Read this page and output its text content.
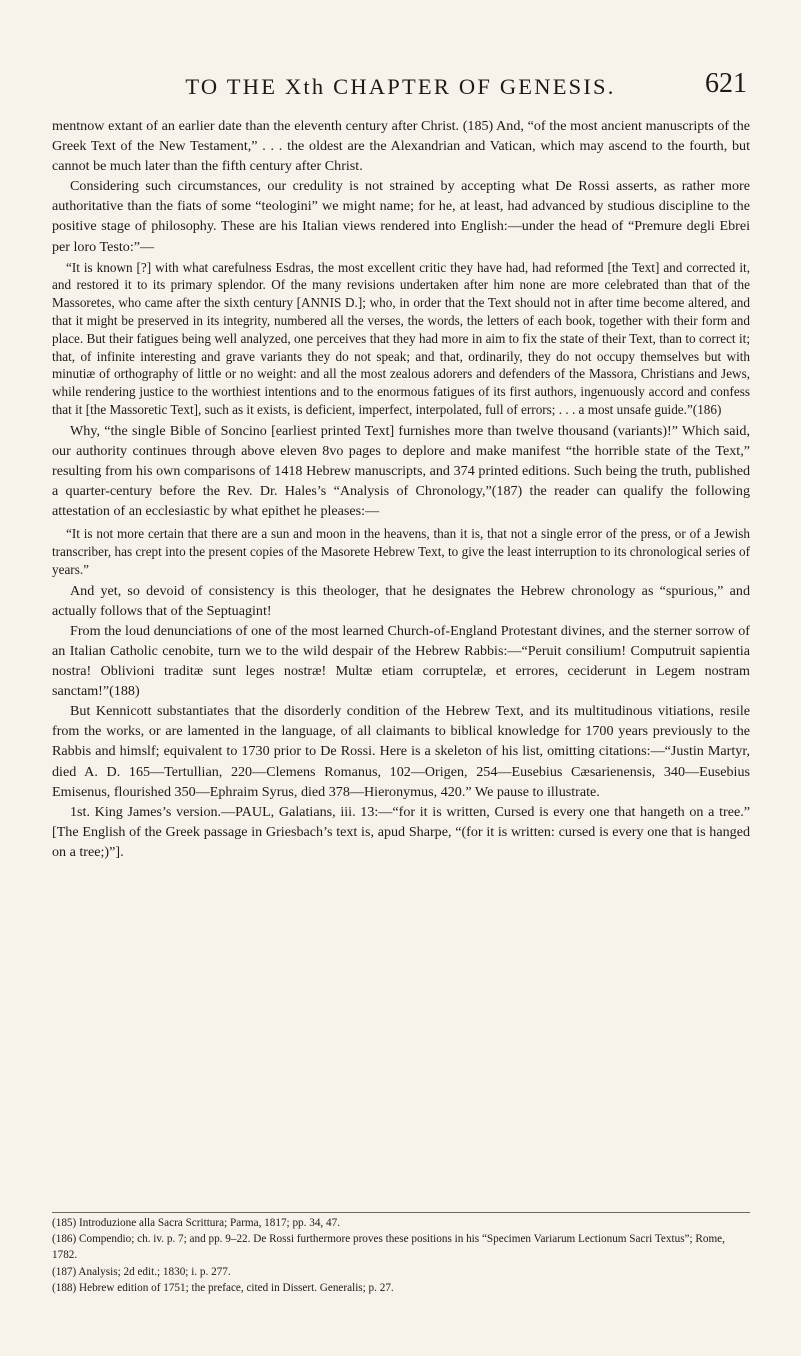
TO THE Xth CHAPTER OF GENESIS.	621

mentnow extant of an earlier date than the eleventh century after Christ. (185) And, “of the most ancient manuscripts of the Greek Text of the New Testament,” . . . the oldest are the Alexandrian and Vatican, which may ascend to the fourth, but cannot be much later than the fifth century after Christ.

Considering such circumstances, our credulity is not strained by accepting what De Rossi asserts, as rather more authoritative than the fiats of some “teologini” we might name; for he, at least, had advanced by studious discipline to the positive stage of philosophy. These are his Italian views rendered into English:—under the head of “Premure degli Ebrei per loro Testo:”—

“It is known [?] with what carefulness Esdras, the most excellent critic they have had, had reformed [the Text] and corrected it, and restored it to its primary splendor. Of the many revisions undertaken after him none are more celebrated than that of the Massoretes, who came after the sixth century [ANNIS D.]; who, in order that the Text should not in after time become altered, and that it might be preserved in its integrity, numbered all the verses, the words, the letters of each book, together with their form and place. But their fatigues being well analyzed, one perceives that they had more in aim to fix the state of their Text, than to correct it; that, of infinite interesting and grave variants they do not speak; and that, ordinarily, they do not occupy themselves but with minutiæ of orthography of little or no weight: and all the most zealous adorers and defenders of the Massora, Christians and Jews, while rendering justice to the worthiest intentions and to the enormous fatigues of its first authors, ingenuously accord and confess that it [the Massoretic Text], such as it exists, is deficient, imperfect, interpolated, full of errors; . . . a most unsafe guide.”(186)

Why, “the single Bible of Soncino [earliest printed Text] furnishes more than twelve thousand (variants)!” Which said, our authority continues through above eleven 8vo pages to deplore and make manifest “the horrible state of the Text,” resulting from his own comparisons of 1418 Hebrew manuscripts, and 374 printed editions. Such being the truth, published a quarter-century before the Rev. Dr. Hales’s “Analysis of Chronology,”(187) the reader can qualify the following attestation of an ecclesiastic by what epithet he pleases:—

“It is not more certain that there are a sun and moon in the heavens, than it is, that not a single error of the press, or of a Jewish transcriber, has crept into the present copies of the Masorete Hebrew Text, to give the least interruption to its chronological series of years.”

And yet, so devoid of consistency is this theologer, that he designates the Hebrew chronology as “spurious,” and actually follows that of the Septuagint!

From the loud denunciations of one of the most learned Church-of-England Protestant divines, and the sterner sorrow of an Italian Catholic cenobite, turn we to the wild despair of the Hebrew Rabbis:—“Peruit consilium! Computruit sapientia nostra! Oblivioni traditæ sunt leges nostræ! Multæ etiam corruptelæ, et errores, ceciderunt in Legem nostram sanctam!”(188)

But Kennicott substantiates that the disorderly condition of the Hebrew Text, and its multitudinous vitiations, resile from the works, or are lamented in the language, of all claimants to biblical knowledge for 1700 years previously to the Rabbis and himslf; equivalent to 1730 prior to De Rossi. Here is a skeleton of his list, omitting citations:—“Justin Martyr, died A. D. 165—Tertullian, 220—Clemens Romanus, 102—Origen, 254—Eusebius Cæsarienensis, 340—Eusebius Emisenus, flourished 350—Ephraim Syrus, died 378—Hieronymus, 420.” We pause to illustrate.

1st. King James’s version.—PAUL, Galatians, iii. 13:—“for it is written, Cursed is every one that hangeth on a tree.” [The English of the Greek passage in Griesbach’s text is, apud Sharpe, “(for it is written: cursed is every one that is hanged on a tree;)”].

(185) Introduzione alla Sacra Scrittura; Parma, 1817; pp. 34, 47.
(186) Compendio; ch. iv. p. 7; and pp. 9–22. De Rossi furthermore proves these positions in his “Specimen Variarum Lectionum Sacri Textus”; Rome, 1782.
(187) Analysis; 2d edit.; 1830; i. p. 277.
(188) Hebrew edition of 1751; the preface, cited in Dissert. Generalis; p. 27.
